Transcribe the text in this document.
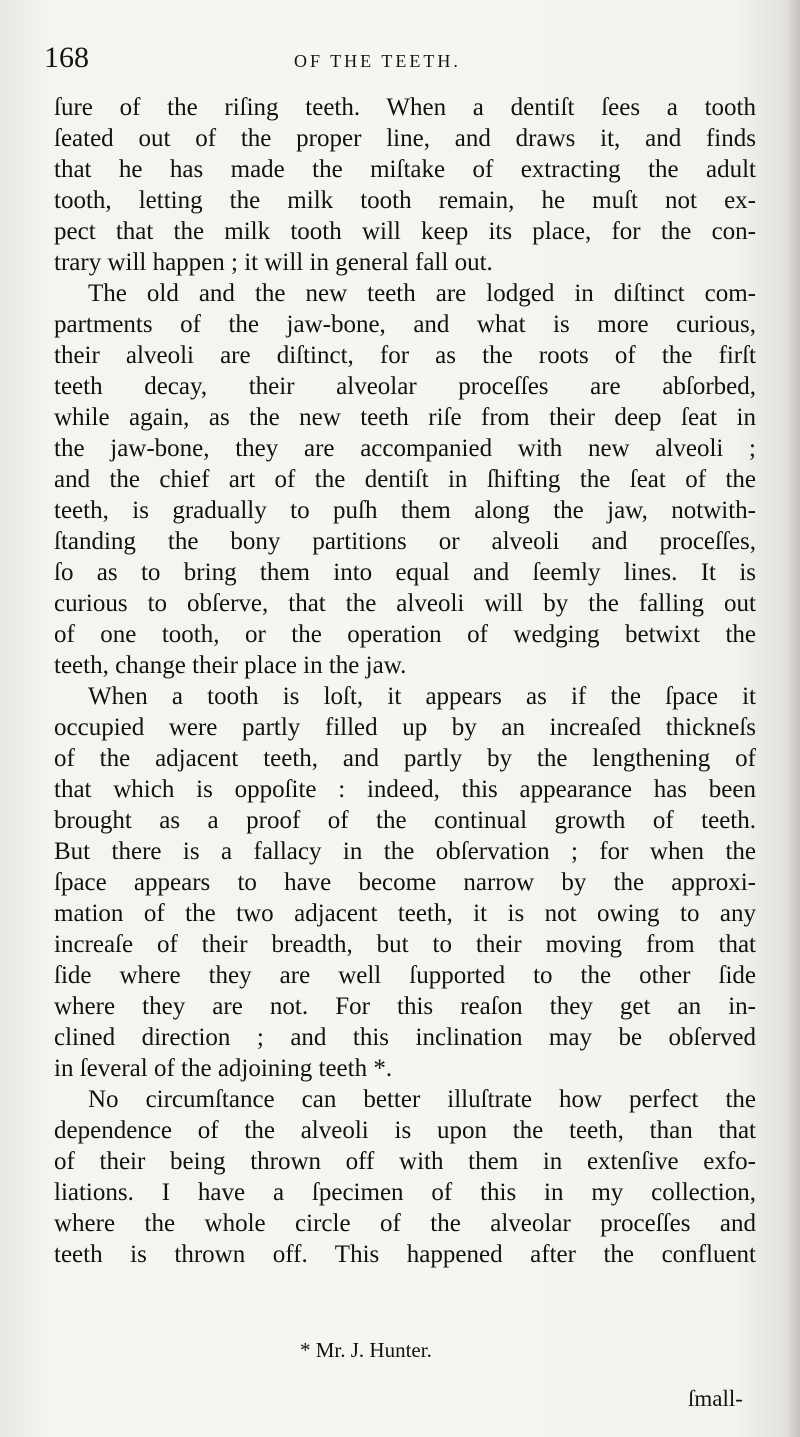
168	OF THE TEETH.
ſure of the riſing teeth. When a dentiſt ſees a tooth
ſeated out of the proper line, and draws it, and finds
that he has made the miſtake of extracting the adult
tooth, letting the milk tooth remain, he muſt not ex-
pect that the milk tooth will keep its place, for the con-
trary will happen ; it will in general fall out.
The old and the new teeth are lodged in diſtinct com-
partments of the jaw-bone, and what is more curious,
their alveoli are diſtinct, for as the roots of the firſt
teeth decay, their alveolar proceſſes are abſorbed,
while again, as the new teeth riſe from their deep ſeat in
the jaw-bone, they are accompanied with new alveoli ;
and the chief art of the dentiſt in ſhifting the ſeat of the
teeth, is gradually to puſh them along the jaw, notwith-
ſtanding the bony partitions or alveoli and proceſſes,
ſo as to bring them into equal and ſeemly lines. It is
curious to obſerve, that the alveoli will by the falling out
of one tooth, or the operation of wedging betwixt the
teeth, change their place in the jaw.
When a tooth is loſt, it appears as if the ſpace it
occupied were partly filled up by an increaſed thickneſs
of the adjacent teeth, and partly by the lengthening of
that which is oppoſite : indeed, this appearance has been
brought as a proof of the continual growth of teeth.
But there is a fallacy in the obſervation ; for when the
ſpace appears to have become narrow by the approxi-
mation of the two adjacent teeth, it is not owing to any
increaſe of their breadth, but to their moving from that
ſide where they are well ſupported to the other ſide
where they are not. For this reaſon they get an in-
clined direction ; and this inclination may be obſerved
in ſeveral of the adjoining teeth *.
No circumſtance can better illuſtrate how perfect the
dependence of the alveoli is upon the teeth, than that
of their being thrown off with them in extenſive exfo-
liations. I have a ſpecimen of this in my collection,
where the whole circle of the alveolar proceſſes and
teeth is thrown off. This happened after the confluent
* Mr. J. Hunter.
ſmall-
